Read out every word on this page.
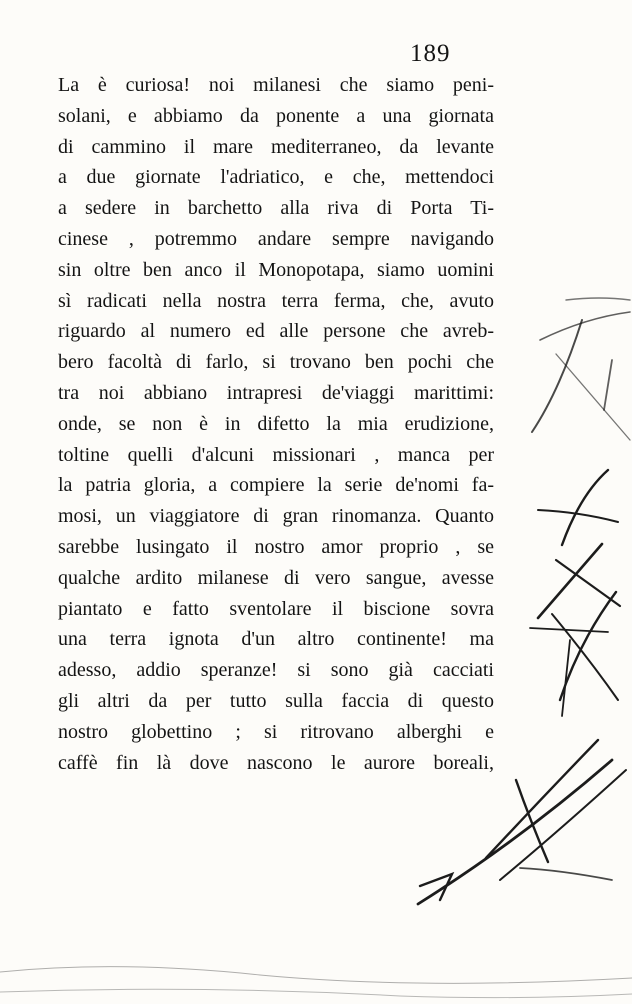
189
La è curiosa! noi milanesi che siamo peni-
solani, e abbiamo da ponente a una giornata
di cammino il mare mediterraneo, da levante
a due giornate l'adriatico, e che, mettendoci
a sedere in barchetto alla riva di Porta Ti-
cinese , potremmo andare sempre navigando
sin oltre ben anco il Monopotapa, siamo uomini
sì radicati nella nostra terra ferma, che, avuto
riguardo al numero ed alle persone che avreb-
bero facoltà di farlo, si trovano ben pochi che
tra noi abbiano intrapresi de'viaggi marittimi:
onde, se non è in difetto la mia erudizione,
toltine quelli d'alcuni missionari , manca per
la patria gloria, a compiere la serie de'nomi fa-
mosi, un viaggiatore di gran rinomanza. Quanto
sarebbe lusingato il nostro amor proprio , se
qualche ardito milanese di vero sangue, avesse
piantato e fatto sventolare il biscione sovra
una terra ignota d'un altro continente! ma
adesso, addio speranze! si sono già cacciati
gli altri da per tutto sulla faccia di questo
nostro globettino ; si ritrovano alberghi e
caffè fin là dove nascono le aurore boreali,
